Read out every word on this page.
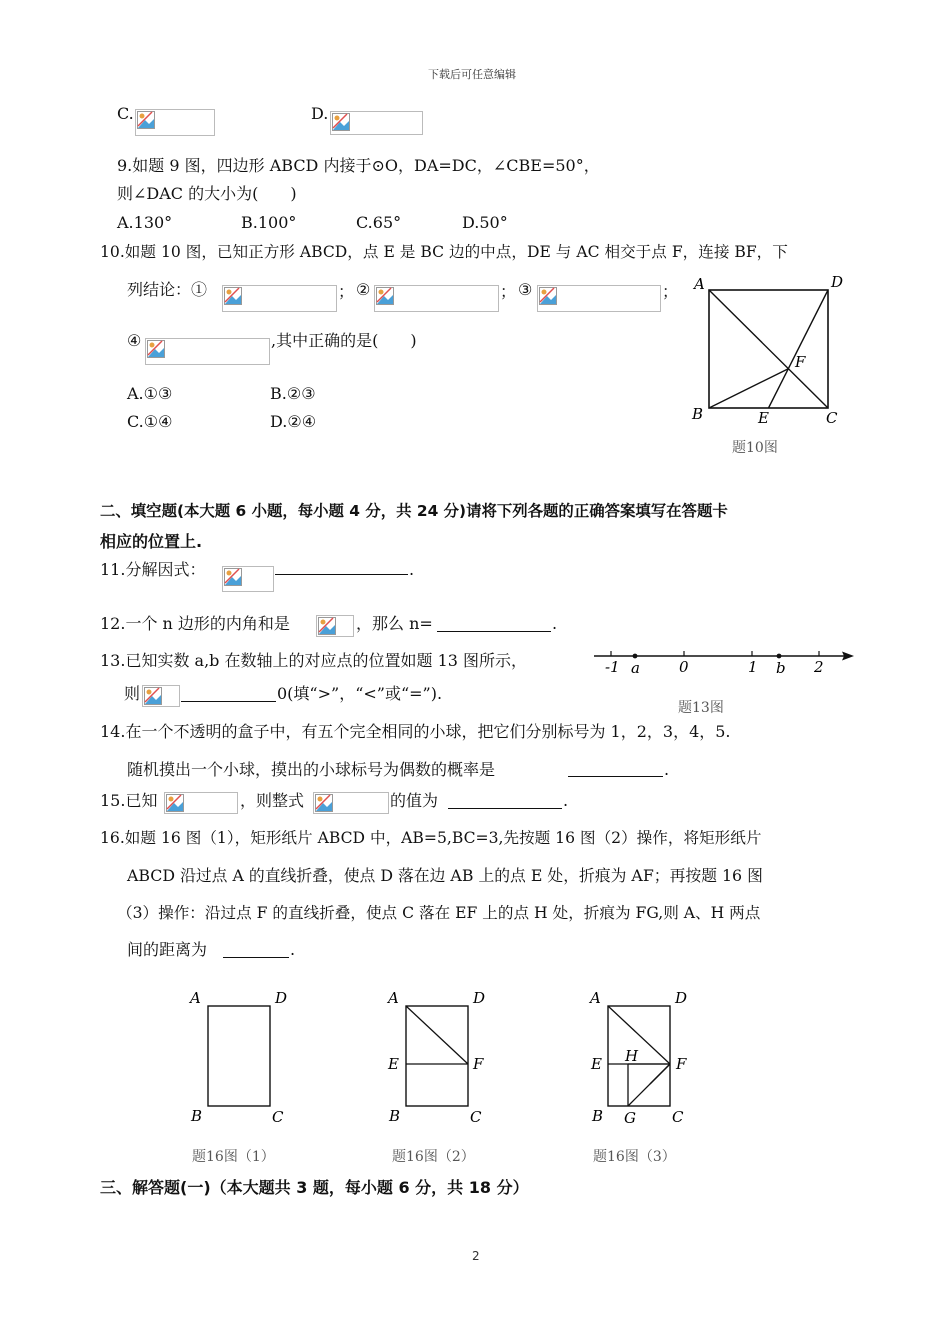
下载后可任意编辑
C.	D.
9.如题 9 图，四边形 ABCD 内接于⊙O，DA=DC，∠CBE=50°，
则∠DAC 的大小为(　　)
A.130°	B.100°	C.65°	D.50°
10.如题 10 图，已知正方形 ABCD，点 E 是 BC 边的中点，DE 与 AC 相交于点 F，连接 BF，下
列结论：①	； ②	； ③	；
④	,其中正确的是(　　)
A.①③	B.②③
C.①④	D.②④
A	D
F
B	E	C
题10图
二、填空题(本大题 6 小题，每小题 4 分，共 24 分)请将下列各题的正确答案填写在答题卡
相应的位置上.
11.分解因式：	.
12.一个 n 边形的内角和是	，那么 n=	.
13.已知实数 a,b 在数轴上的对应点的位置如题 13 图所示，
则	0(填“>”，“<”或“=”).
-1 a	0	1 b 2
题13图
14.在一个不透明的盒子中，有五个完全相同的小球，把它们分别标号为 1，2，3，4，5.
随机摸出一个小球，摸出的小球标号为偶数的概率是	.
15.已知	，则整式	的值为	.
16.如题 16 图（1），矩形纸片 ABCD 中，AB=5,BC=3,先按题 16 图（2）操作，将矩形纸片
ABCD 沿过点 A 的直线折叠，使点 D 落在边 AB 上的点 E 处，折痕为 AF；再按题 16 图
（3）操作：沿过点 F 的直线折叠，使点 C 落在 EF 上的点 H 处，折痕为 FG,则 A、H 两点
间的距离为	.
A	D
B	C
题16图（1）
A	D
E	F
B	C
题16图（2）
A	D
H
E	F
B G C
题16图（3）
三、解答题(一)（本大题共 3 题，每小题 6 分，共 18 分）
2
